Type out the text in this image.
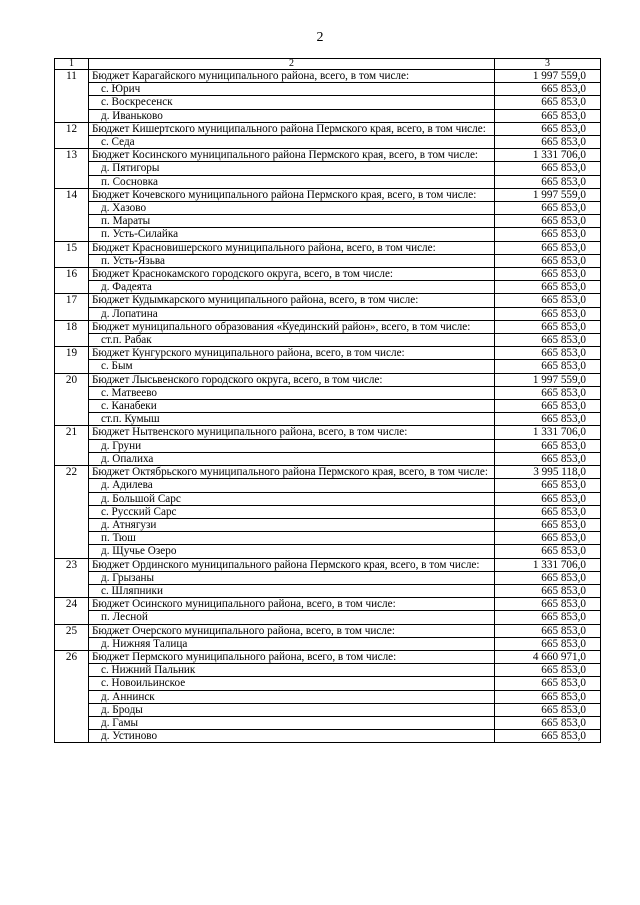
2
1	2	3
11	Бюджет Карагайского муниципального района, всего, в том числе:	1 997 559,0
	с. Юрич	665 853,0
	с. Воскресенск	665 853,0
	д. Иваньково	665 853,0
12	Бюджет Кишертского муниципального района Пермского края, всего, в том числе:	665 853,0
	с. Седа	665 853,0
13	Бюджет Косинского муниципального района Пермского края, всего, в том числе:	1 331 706,0
	д. Пятигоры	665 853,0
	п. Сосновка	665 853,0
14	Бюджет Кочевского муниципального района Пермского края, всего, в том числе:	1 997 559,0
	д. Хазово	665 853,0
	п. Мараты	665 853,0
	п. Усть-Силайка	665 853,0
15	Бюджет Красновишерского муниципального района, всего, в том числе:	665 853,0
	п. Усть-Язьва	665 853,0
16	Бюджет Краснокамского городского округа, всего, в том числе:	665 853,0
	д. Фадеята	665 853,0
17	Бюджет Кудымкарского муниципального района, всего, в том числе:	665 853,0
	д. Лопатина	665 853,0
18	Бюджет муниципального образования «Куединский район», всего, в том числе:	665 853,0
	ст.п. Рабак	665 853,0
19	Бюджет Кунгурского муниципального района, всего, в том числе:	665 853,0
	с. Бым	665 853,0
20	Бюджет Лысьвенского городского округа, всего, в том числе:	1 997 559,0
	с. Матвеево	665 853,0
	с. Канабеки	665 853,0
	ст.п. Кумыш	665 853,0
21	Бюджет Нытвенского муниципального района, всего, в том числе:	1 331 706,0
	д. Груни	665 853,0
	д. Опалиха	665 853,0
22	Бюджет Октябрьского муниципального района Пермского края, всего, в том числе:	3 995 118,0
	д. Адилева	665 853,0
	д. Большой Сарс	665 853,0
	с. Русский Сарс	665 853,0
	д. Атнягузи	665 853,0
	п. Тюш	665 853,0
	д. Щучье Озеро	665 853,0
23	Бюджет Ординского муниципального района Пермского края, всего, в том числе:	1 331 706,0
	д. Грызаны	665 853,0
	с. Шляпники	665 853,0
24	Бюджет Осинского муниципального района, всего, в том числе:	665 853,0
	п. Лесной	665 853,0
25	Бюджет Очерского муниципального района, всего, в том числе:	665 853,0
	д. Нижняя Талица	665 853,0
26	Бюджет Пермского муниципального района, всего, в том числе:	4 660 971,0
	с. Нижний Пальник	665 853,0
	с. Новоильинское	665 853,0
	д. Аннинск	665 853,0
	д. Броды	665 853,0
	д. Гамы	665 853,0
	д. Устиново	665 853,0
